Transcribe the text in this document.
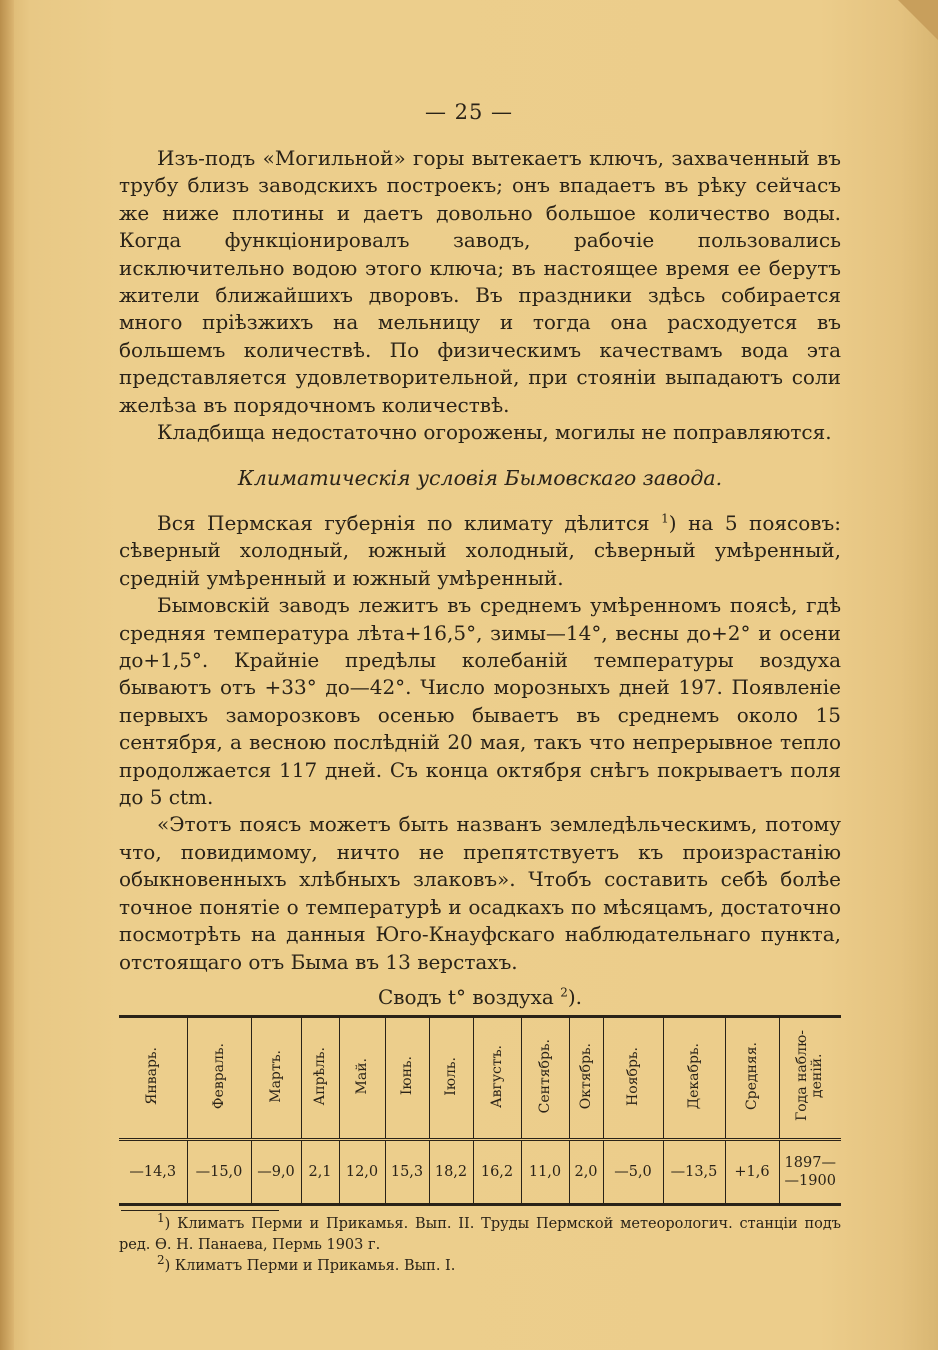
— 25 —

Изъ-подъ «Могильной» горы вытекаетъ ключъ, захваченный въ трубу близъ заводскихъ построекъ; онъ впадаетъ въ рѣку сейчасъ же ниже плотины и даетъ довольно большое количество воды. Когда функціонировалъ заводъ, рабочіе пользовались исключительно водою этого ключа; въ настоящее время ее берутъ жители ближайшихъ дворовъ. Въ праздники здѣсь собирается много пріѣзжихъ на мельницу и тогда она расходуется въ большемъ количествѣ. По физическимъ качествамъ вода эта представляется удовлетворительной, при стояніи выпадаютъ соли желѣза въ порядочномъ количествѣ.

Кладбища недостаточно огорожены, могилы не поправляются.

Климатическія условія Бымовскаго завода.

Вся Пермская губернія по климату дѣлится $^1$) на 5 поясовъ: сѣверный холодный, южный холодный, сѣверный умѣренный, средній умѣренный и южный умѣренный.

Бымовскій заводъ лежитъ въ среднемъ умѣренномъ поясѣ, гдѣ средняя температура лѣта+16,5°, зимы—14°, весны до+2° и осени до+1,5°. Крайніе предѣлы колебаній температуры воздуха бываютъ отъ +33° до—42°. Число морозныхъ дней 197. Появленіе первыхъ заморозковъ осенью бываетъ въ среднемъ около 15 сентября, а весною послѣдній 20 мая, такъ что непрерывное тепло продолжается 117 дней. Съ конца октября снѣгъ покрываетъ поля до 5 ctm.

«Этотъ поясъ можетъ быть названъ земледѣльческимъ, потому что, повидимому, ничто не препятствуетъ къ произрастанію обыкновенныхъ хлѣбныхъ злаковъ». Чтобъ составить себѣ болѣе точное понятіе о температурѣ и осадкахъ по мѣсяцамъ, достаточно посмотрѣть на данныя Юго-Кнауфскаго наблюдательнаго пункта, отстоящаго отъ Быма въ 13 верстахъ.

Сводъ t° воздуха $^2$).
Январь.	Февраль.	Мартъ.	Апрѣль.	Май.	Іюнь.	Іюль.	Августъ.	Сентябрь.	Октябрь.	Ноябрь.	Декабрь.	Средняя.	Года наблю-
деній.
—14,3	—15,0	—9,0	2,1	12,0	15,3	18,2	16,2	11,0	2,0	—5,0	—13,5	+1,6	1897—
—1900

$^1$) Климатъ Перми и Прикамья. Вып. II. Труды Пермской метеорологич. станціи подъ ред. Ѳ. Н. Панаева, Пермь 1903 г.

$^2$) Климатъ Перми и Прикамья. Вып. I.
